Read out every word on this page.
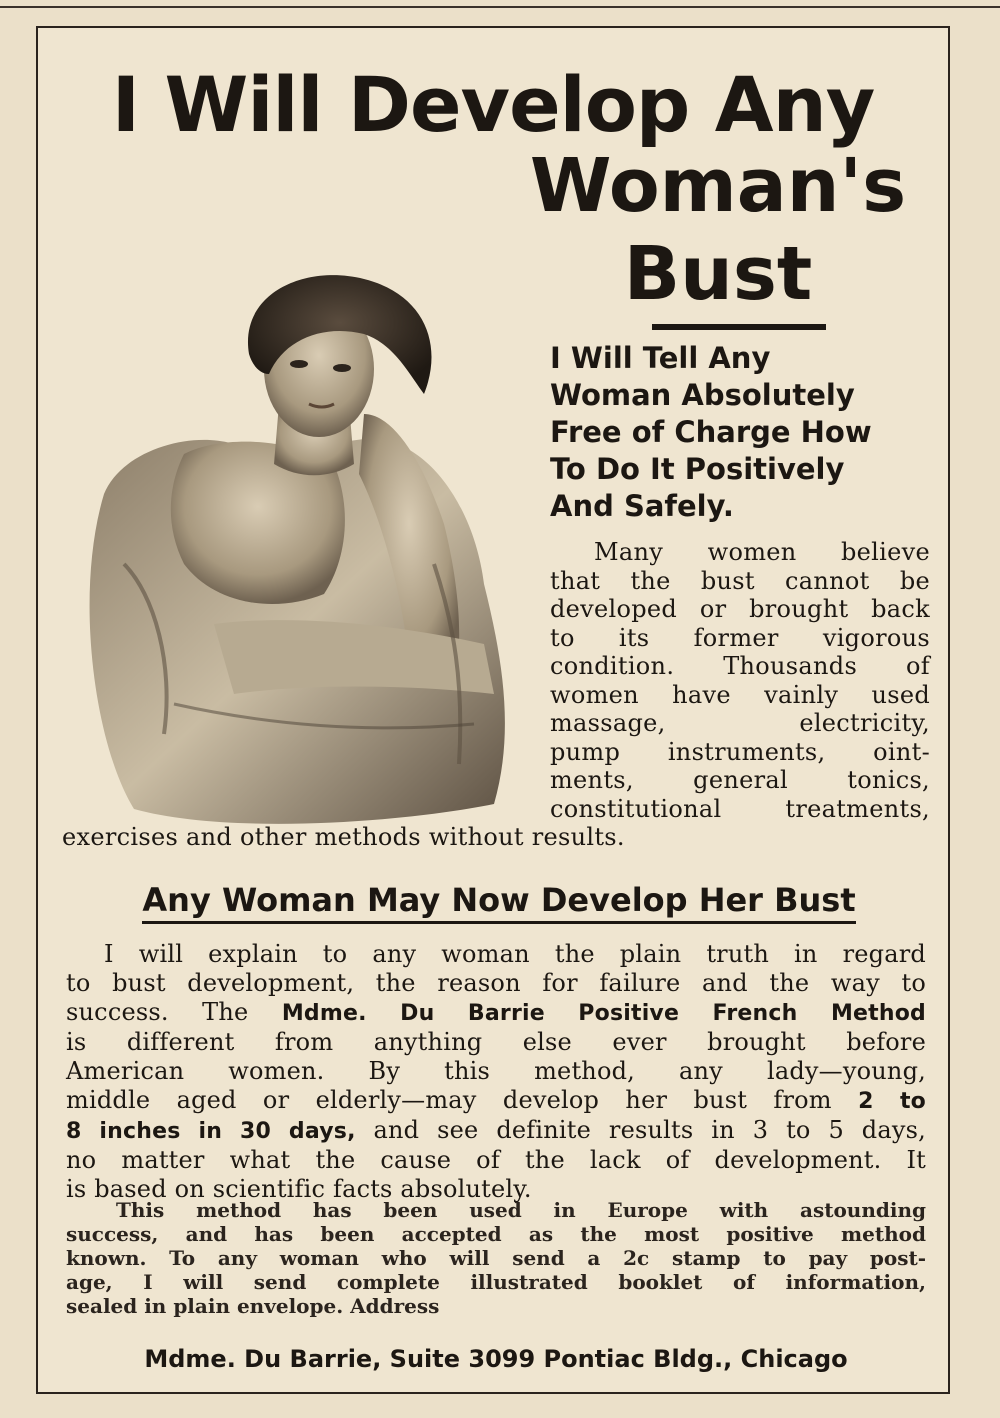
I Will Develop Any
Woman's
Bust
I Will Tell Any
Woman Absolutely
Free of Charge How
To Do It Positively
And Safely.
Many women believe
that the bust cannot be
developed or brought back
to its former vigorous
condition. Thousands of
women have vainly used
massage, electricity,
pump instruments, oint-
ments, general tonics,
constitutional treatments,

exercises and other methods without results.

Any Woman May Now Develop Her Bust
I will explain to any woman the plain truth in regard
to bust development, the reason for failure and the way to
success. The Mdme. Du Barrie Positive French Method
is different from anything else ever brought before
American women. By this method, any lady—young,
middle aged or elderly—may develop her bust from 2 to
8 inches in 30 days, and see definite results in 3 to 5 days,
no matter what the cause of the lack of development. It
is based on scientific facts absolutely.
This method has been used in Europe with astounding
success, and has been accepted as the most positive method
known. To any woman who will send a 2c stamp to pay post-
age, I will send complete illustrated booklet of information,
sealed in plain envelope. Address

Mdme. Du Barrie, Suite 3099 Pontiac Bldg., Chicago
